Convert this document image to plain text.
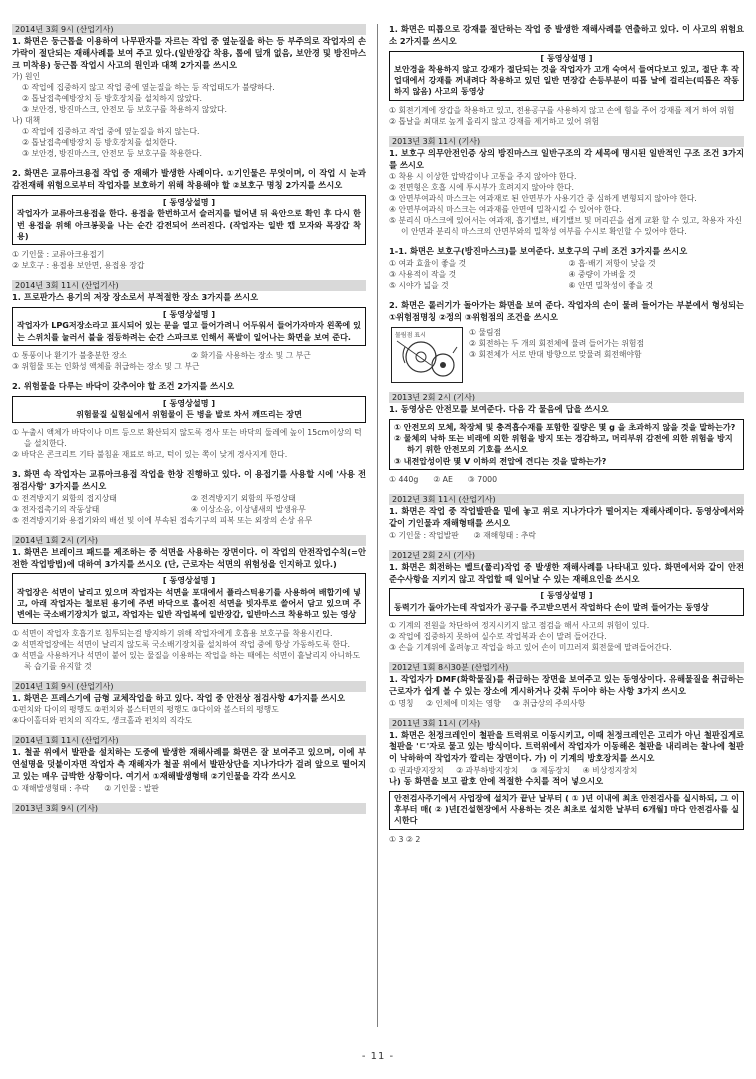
2014년 3회 9시 (산업기사)

1. 화면은 둥근톱을 이용하여 나무판자를 자르는 작업 중 옆눈질을 하는 등 부주의로 작업자의 손가락이 절단되는 재해사례를 보여 주고 있다.(일반장갑 착용, 톱에 덮개 없음, 보안경 및 방진마스크 미착용) 둥근톱 작업시 사고의 원인과 대책 2가지를 쓰시오

가) 원인
① 작업에 집중하지 않고 작업 중에 옆눈질을 하는 등 작업태도가 불량하다.
② 톱날접촉예방장치 등 방호장치를 설치하지 않았다.
③ 보안경, 방진마스크, 안전모 등 보호구를 착용하지 않았다.
나) 대책
① 작업에 집중하고 작업 중에 옆눈질을 하지 않는다.
② 톱날접촉예방장치 등 방호장치를 설치한다.
③ 보안경, 방진마스크, 안전모 등 보호구를 착용한다.

2. 화면은 교류아크용접 작업 중 재해가 발생한 사례이다. ①기인물은 무엇이며, 이 작업 시 눈과 감전재해 위험으로부터 작업자를 보호하기 위해 착용해야 할 ②보호구 명칭 2가지를 쓰시오

[ 동영상설명 ]
작업자가 교류아크용접을 한다. 용접을 한번하고서 슬러지를 털어낸 뒤 육안으로 확인 후 다시 한번 용접을 위해 아크봉꽂을 나는 순간 감전되어 쓰러진다. (작업자는 일반 캡 모자와 목장갑 착용)
① 기인물 : 교류아크용접기
② 보호구 : 용접용 보안면, 용접용 장갑
2014년 3회 11시 (산업기사)

1. 프로판가스 용기의 저장 장소로서 부적절한 장소 3가지를 쓰시오

[ 동영상설명 ]
작업자가 LPG저장소라고 표시되어 있는 문을 열고 들어가려니 어두워서 들어가자마자 왼쪽에 있는 스위치를 눌러서 불을 점등하려는 순간 스파크로 인해서 폭발이 일어나는 화면을 보여 준다.
① 통풍이나 환기가 불충분한 장소	② 화기를 사용하는 장소 및 그 부근
③ 위험물 또는 인화성 액체를 취급하는 장소 및 그 부근

2. 위험물을 다루는 바닥이 갖추어야 할 조건 2가지를 쓰시오

[ 동영상설명 ]
위험물질 실험실에서 위험물이 든 병을 발로 차서 깨뜨리는 장면
① 누출시 액체가 바닥이나 미트 등으로 확산되지 않도록 경사 또는 바닥의 둘레에 높이 15cm이상의 턱을 설치한다.
② 바닥은 콘크리트 기타 불침윤 재료로 하고, 턱이 있는 쪽이 낮게 경사지게 한다.

3. 화면 속 작업자는 교류아크용접 작업을 한창 진행하고 있다. 이 용접기를 사용할 시에 '사용 전 점검사항' 3가지를 쓰시오

① 전격방지기 외함의 접지상태	② 전격방지기 외함의 뚜껑상태
③ 전자접촉기의 작동상태	④ 이상소음, 이상냄새의 발생유무
⑤ 전격방지기와 용접기와의 배선 및 이에 부속된 접속기구의 피복 또는 외장의 손상 유무
2014년 1회 2시 (기사)

1. 화면은 브레이크 패드를 제조하는 중 석면을 사용하는 장면이다. 이 작업의 안전작업수칙(=안전한 작업방법)에 대하여 3가지를 쓰시오 (단, 근로자는 석면의 위험성을 인지하고 있다.)

[ 동영상설명 ]
작업장은 석면이 날리고 있으며 작업자는 석면을 포대에서 플라스틱용기를 사용하여 배합기에 넣고, 아래 작업자는 철로된 용기에 주변 바닥으로 흘어진 석면을 빗자루로 쓸어서 담고 있으며 주변에는 국소배기장치가 없고, 작업자는 일반 작업복에 일반장갑, 일반마스크 착용하고 있는 영상
① 석면이 작업자 호흡기로 침투되는걸 방지하기 위해 작업자에게 호흡용 보호구를 착용시킨다.
② 석면작업장에는 석면이 날리지 않도록 국소배기장치를 설치하여 작업 중에 항상 가동하도록 한다.
③ 석면을 사용하거나 석면이 붙어 있는 물질을 이용하는 작업을 하는 때에는 석면이 흩날리지 아니하도록 습기를 유지할 것
2014년 1회 9시 (산업기사)

1. 화면은 프레스기에 금형 교체작업을 하고 있다. 작업 중 안전상 점검사항 4가지를 쓰시오

①펀치와 다이의 평행도 ②펀치와 볼스터면의 평행도 ③다이와 볼스터의 평행도
④다이홀더와 펀치의 직각도, 생크홀과 펀치의 직각도
2014년 1회 11시 (산업기사)

1. 철골 위에서 발판을 설치하는 도중에 발생한 재해사례를 화면은 잘 보여주고 있으며, 이에 부연설명을 덧붙이자면 작업자 측 재해자가 철골 위에서 발판상단을 지나가다가 걸려 앞으로 떨어지고 있는 매우 급박한 상황이다. 여기서 ①재해발생형태 ②기인물을 각각 쓰시오

① 재해발생형태 : 추락 ② 기인물 : 발판
2013년 3회 9시 (기사)

1. 화면은 띠톱으로 강재를 절단하는 작업 중 발생한 재해사례를 연출하고 있다. 이 사고의 위험요소 2가지를 쓰시오

[ 동영상설명 ]
보안경을 착용하지 않고 강재가 절단되는 것을 작업자가 고개 숙여서 들여다보고 있고, 절단 후 작업대에서 강재를 꺼내려다 착용하고 있던 일반 면장갑 손등부분이 띠톱 날에 걸리는(띠톱은 작동하지 않음) 사고의 동영상
① 회전기계에 장갑을 착용하고 있고, 전용공구를 사용하지 않고 손에 힘을 주어 강재를 제거 하여 위험
② 톱날을 최대로 높게 올리지 않고 강재를 제거하고 있어 위험
2013년 3회 11시 (기사)

1. 보호구 의무안전인증 상의 방진마스크 일반구조의 각 세목에 명시된 일반적인 구조 조건 3가지를 쓰시오

① 착용 시 이상한 압박감이나 고통을 주지 않아야 한다.
② 전면형은 호흡 시에 투시부가 흐려지지 않아야 한다.
③ 안면부여과식 마스크는 여과재로 된 안면부가 사용기간 중 심하게 변형되지 않아야 한다.
④ 안면부여과식 마스크는 여과재를 안면에 밀착시킬 수 있어야 한다.
⑤ 분리식 마스크에 있어서는 여과재, 흡기밸브, 배기밸브 및 머리끈을 쉽게 교환 할 수 있고, 착용자 자신이 안면과 분리식 마스크의 안면부와의 밀착성 여부를 수시로 확인할 수 있어야 한다.

1-1. 화면은 보호구(방진마스크)를 보여준다. 보호구의 구비 조건 3가지를 쓰시오

① 여과 효율이 좋을 것	② 흡·배기 저항이 낮을 것
③ 사용적이 작을 것	④ 중량이 가벼울 것
⑤ 시야가 넓을 것	⑥ 안면 밀착성이 좋을 것

2. 화면은 롤러기가 돌아가는 화면을 보여 준다. 작업자의 손이 물려 들어가는 부분에서 형성되는 ①위험점명칭 ②정의 ③위험점의 조건을 쓰시오

물림점 표시	① 물림점
② 회전하는 두 개의 회전체에 물려 들어가는 위험점
③ 회전체가 서로 반대 방향으로 맞물려 회전해야함
2013년 2회 2시 (기사)

1. 동영상은 안전모를 보여준다. 다음 각 물음에 답을 쓰시오

① 안전모의 모체, 착장체 및 충격흡수재를 포함한 질량은 몇 g 을 초과하지 않을 것을 말하는가?
② 물체의 낙하 또는 비래에 의한 위험을 방지 또는 경감하고, 머리부위 감전에 의한 위험을 방지하기 위한 안전모의 기호를 쓰시오
③ 내전압성이란 몇 V 이하의 전압에 견디는 것을 말하는가?
① 440g ② AE ③ 7000
2012년 3회 11시 (산업기사)

1. 화면은 작업 중 작업발판을 밑에 놓고 위로 지나가다가 떨어지는 재해사례이다. 동영상에서와 같이 기인물과 재해형태를 쓰시오

① 기인물 : 작업발판 ② 재해형태 : 추락
2012년 2회 2시 (기사)

1. 화면은 회전하는 벨트(풀리)작업 중 발생한 재해사례를 나타내고 있다. 화면에서와 같이 안전준수사항을 지키지 않고 작업할 때 일어날 수 있는 재해요인을 쓰시오

[ 동영상설명 ]
동력기가 돌아가는데 작업자가 공구를 주고받으면서 작업하다 손이 말려 들어가는 동영상
① 기계의 전원을 차단하여 정지시키지 않고 점검을 해서 사고의 위험이 있다.
② 작업에 집중하지 못하여 실수로 작업복과 손이 말려 들어간다.
③ 손을 기계위에 올려놓고 작업을 하고 있어 손이 미끄러져 회전물에 말려들어간다.
2012년 1회 8시30분 (산업기사)

1. 작업자가 DMF(화학물질)를 취급하는 장면을 보여주고 있는 동영상이다. 유해물질을 취급하는 근로자가 쉽게 볼 수 있는 장소에 게시하거나 갖춰 두어야 하는 사항 3가지 쓰시오

① 명칭 ② 인체에 미치는 영향 ③ 취급상의 주의사항
2011년 3회 11시 (기사)

1. 화면은 천정크레인이 철판을 트럭위로 이동시키고, 이때 천정크레인은 고리가 아닌 철판집게로 철판을 'ㄷ'자로 물고 있는 방식이다. 트럭위에서 작업자가 이동해온 철판을 내리려는 찰나에 철판이 낙하하여 작업자가 깔리는 장면이다. 가) 이 기계의 방호장치를 쓰시오

① 권과방지장치 ② 과부하방지장치 ③ 제동장치 ④ 비상정지장치

나) 동 화면을 보고 괄호 안에 적절한 수치를 적어 넣으시오

안전검사주기에서 사업장에 설치가 끝난 날부터 ( ① )년 이내에 최초 안전검사를 실시하되, 그 이후부터 매( ② )년[건설현장에서 사용하는 것은 최초로 설치한 날부터 6개월] 마다 안전검사를 실시한다
① 3 ② 2
- 11 -
